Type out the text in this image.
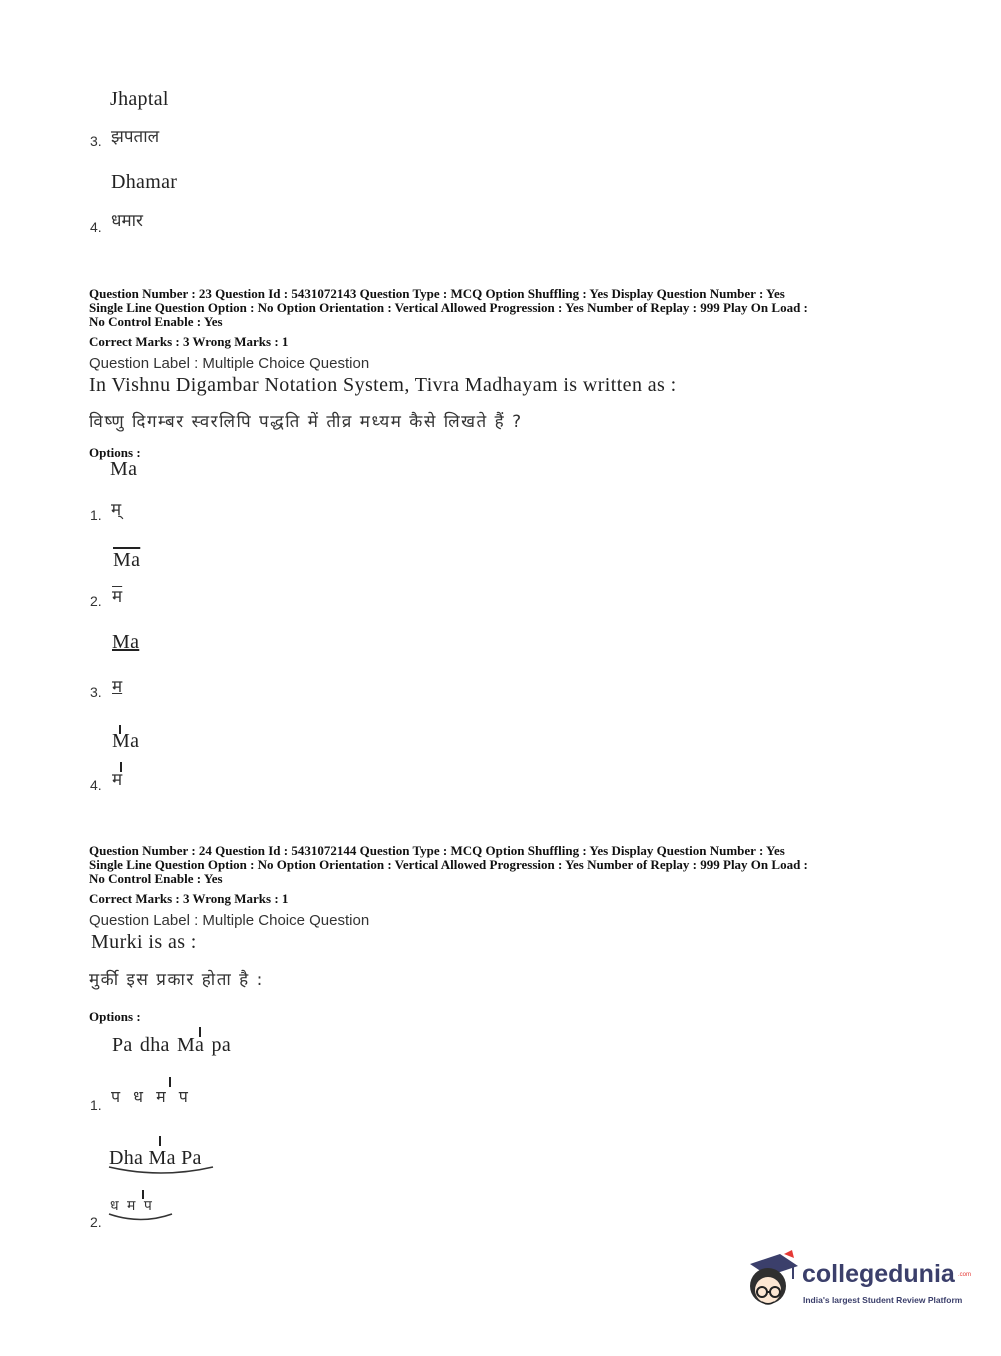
Jhaptal
3. झपताल
Dhamar
4. धमार
Question Number : 23 Question Id : 5431072143 Question Type : MCQ Option Shuffling : Yes Display Question Number : Yes
Single Line Question Option : No Option Orientation : Vertical Allowed Progression : Yes Number of Replay : 999 Play On Load :
No Control Enable : Yes
Correct Marks : 3 Wrong Marks : 1
Question Label : Multiple Choice Question
In Vishnu Digambar Notation System, Tivra Madhayam is written as :
विष्णु दिगम्बर स्वरलिपि पद्धति में तीव्र मध्यम कैसे लिखते हैं ?
Options :
Ma
1. म्
$\overline{Ma}$
2. म
Ma
3. म
Ma
4. म
Question Number : 24 Question Id : 5431072144 Question Type : MCQ Option Shuffling : Yes Display Question Number : Yes
Single Line Question Option : No Option Orientation : Vertical Allowed Progression : Yes Number of Replay : 999 Play On Load :
No Control Enable : Yes
Correct Marks : 3 Wrong Marks : 1
Question Label : Multiple Choice Question
Murki is as :
मुर्की इस प्रकार होता है :
Options :
Pa dha Ma pa
1. प ध म प
Dha Ma Pa
2.
ध म प
collegedunia .com
India's largest Student Review Platform
